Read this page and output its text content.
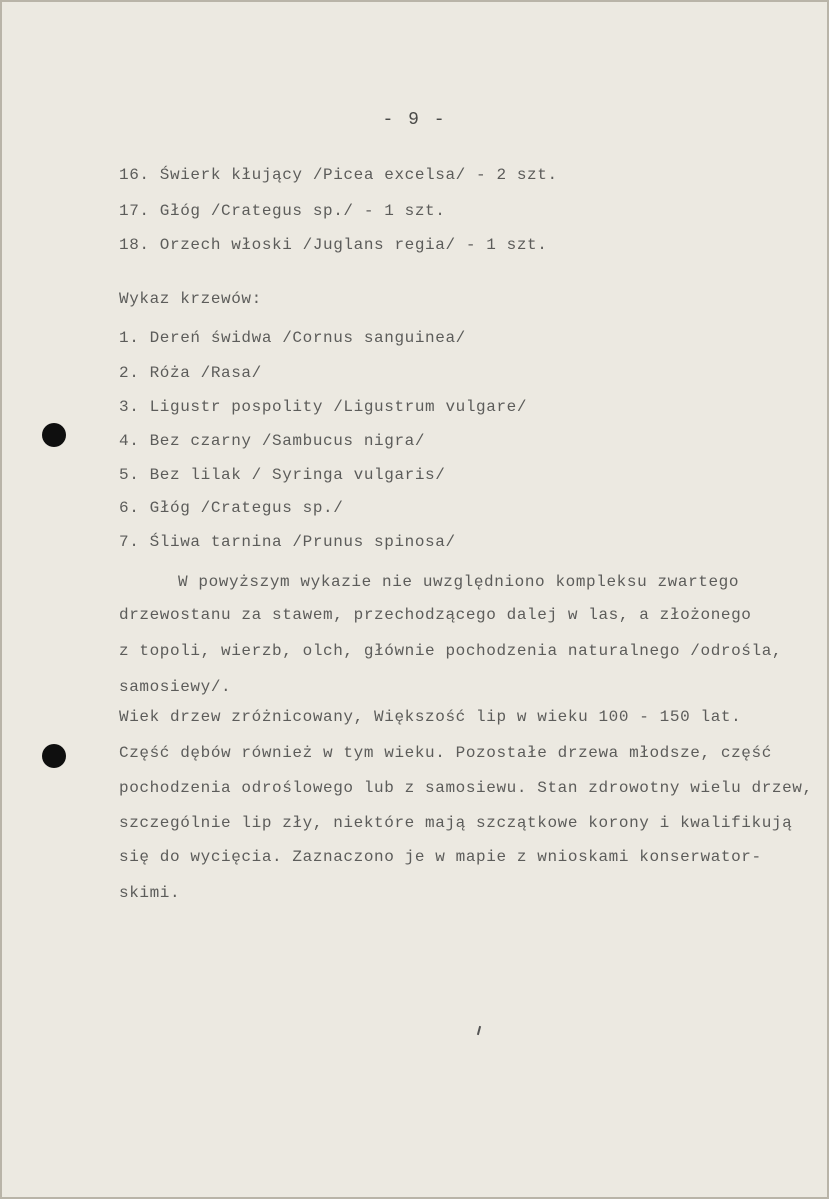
- 9 -
16. Świerk kłujący /Picea excelsa/ - 2 szt.
17. Głóg /Crategus sp./ - 1 szt.
18. Orzech włoski /Juglans regia/ - 1 szt.
Wykaz krzewów:
1. Dereń świdwa /Cornus sanguinea/
2. Róża /Rasa/
3. Ligustr pospolity /Ligustrum vulgare/
4. Bez czarny /Sambucus nigra/
5. Bez lilak / Syringa vulgaris/
6. Głóg /Crategus sp./
7. Śliwa tarnina /Prunus spinosa/
W powyższym wykazie nie uwzględniono kompleksu zwartego
drzewostanu za stawem, przechodzącego dalej w las, a złożonego
z topoli, wierzb, olch, głównie pochodzenia naturalnego /odrośla,
samosiewy/.
Wiek drzew zróżnicowany, Większość lip w wieku 100 - 150 lat.
Część dębów również w tym wieku. Pozostałe drzewa młodsze, część
pochodzenia odroślowego lub z samosiewu. Stan zdrowotny wielu drzew,
szczególnie lip zły, niektóre mają szczątkowe korony i kwalifikują
się do wycięcia. Zaznaczono je w mapie z wnioskami konserwator-
skimi.
